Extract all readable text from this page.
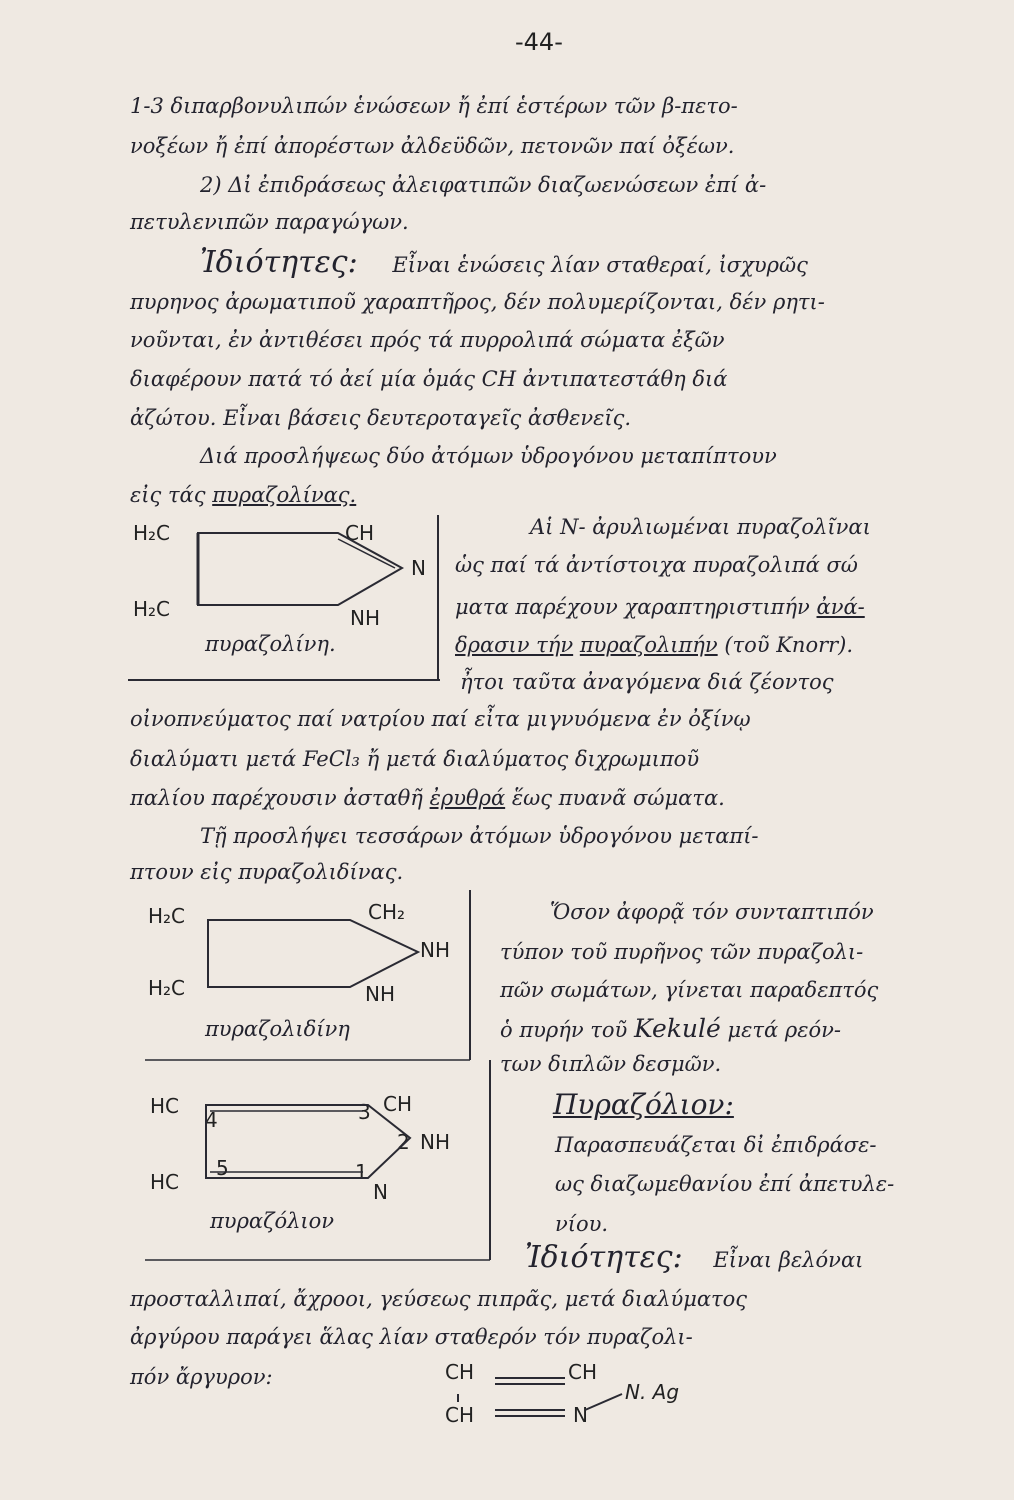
-44-
1-3 διπαρβονυλιπών ἑνώσεων ἤ ἐπί ἑστέρων τῶν β-πετο-
νοξέων ἤ ἐπί ἀπορέστων ἀλδεϋδῶν, πετονῶν παί ὀξέων.
2) Δἰ ἐπιδράσεως ἀλειφατιπῶν διαζωενώσεων ἐπί ἀ-
πετυλενιπῶν παραγώγων.
Ἰδιότητες: Εἶναι ἑνώσεις λίαν σταθεραί, ἰσχυρῶς
πυρηνος ἀρωματιποῦ χαραπτῆρος, δέν πολυμερίζονται, δέν ρητι-
νοῦνται, ἐν ἀντιθέσει πρός τά πυρρολιπά σώματα ἐξῶν
διαφέρουν πατά τό ἀεί μία ὁμάς CH ἀντιπατεστάθη διά
ἀζώτου. Εἶναι βάσεις δευτεροταγεῖς ἀσθενεῖς.
Διά προσλήψεως δύο ἀτόμων ὑδρογόνου μεταπίπτουν
εἰς τάς πυραζολίνας.
H₂C	CH
N
H₂C	NH
πυραζολίνη.
Αἱ Ν- ἀρυλιωμέναι πυραζολῖναι
ὡς παί τά ἀντίστοιχα πυραζολιπά σώ
ματα παρέχουν χαραπτηριστιπήν ἀνά-
δρασιν τήν πυραζολιπήν (τοῦ Knorr).
ἦτοι ταῦτα ἀναγόμενα διά ζέοντος
οἰνοπνεύματος παί νατρίου παί εἶτα μιγνυόμενα ἐν ὀξίνῳ
διαλύματι μετά FeCl₃ ἤ μετά διαλύματος διχρωμιποῦ
παλίου παρέχουσιν ἀσταθῆ ἐρυθρά ἕως πυανᾶ σώματα.
Τῇ προσλήψει τεσσάρων ἀτόμων ὑδρογόνου μεταπί-
πτουν εἰς πυραζολιδίνας.
H₂C	CH₂
NH
H₂C	NH
πυραζολιδίνη
Ὅσον ἀφορᾷ τόν συνταπτιπόν
τύπον τοῦ πυρῆνος τῶν πυραζολι-
πῶν σωμάτων, γίνεται παραδεπτός
ὁ πυρήν τοῦ Kekulé μετά ρεόν-
των διπλῶν δεσμῶν.
HC
4	3 CH
2 NH
5
HC	1
N
πυραζόλιον
Πυραζόλιον:
Παρασπευάζεται δἰ ἐπιδράσε-
ως διαζωμεθανίου ἐπί ἀπετυλε-
νίου.
Ἰδιότητες: Εἶναι βελόναι
προσταλλιπαί, ἄχροοι, γεύσεως πιπρᾶς, μετά διαλύματος
ἀργύρου παράγει ἅλας λίαν σταθερόν τόν πυραζολι-
πόν ἄργυρον:	CH	CH
CH	N
N. Ag
